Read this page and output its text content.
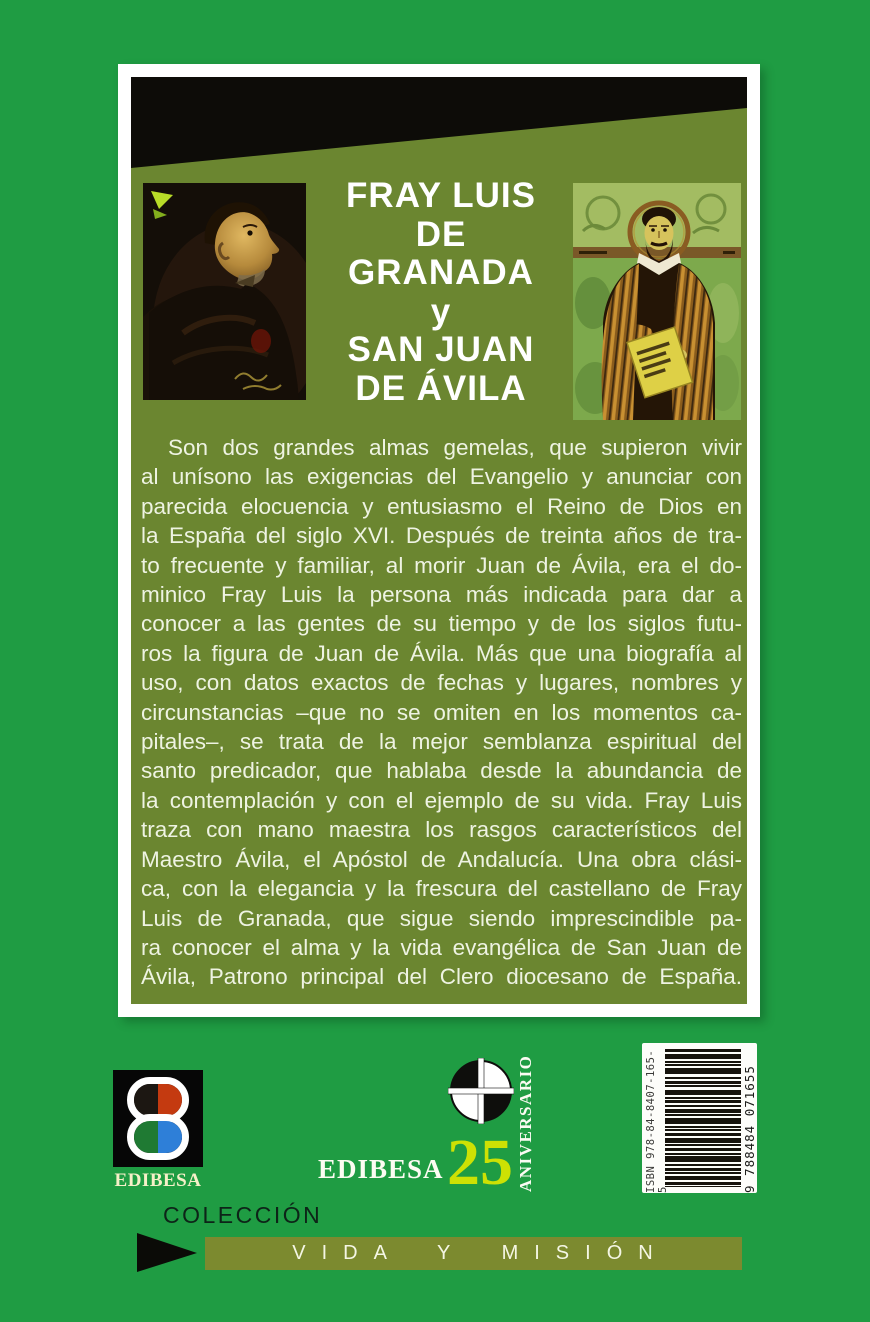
FRAY LUIS
DE
GRANADA
y
SAN JUAN
DE ÁVILA
Son dos grandes almas gemelas, que supieron vivir
al unísono las exigencias del Evangelio y anunciar con
parecida elocuencia y entusiasmo el Reino de Dios en
la España del siglo XVI. Después de treinta años de tra-
to frecuente y familiar, al morir Juan de Ávila, era el do-
minico Fray Luis la persona más indicada para dar a
conocer a las gentes de su tiempo y de los siglos futu-
ros la figura de Juan de Ávila. Más que una biografía al
uso, con datos exactos de fechas y lugares, nombres y
circunstancias –que no se omiten en los momentos ca-
pitales–, se trata de la mejor semblanza espiritual del
santo predicador, que hablaba desde la abundancia de
la contemplación y con el ejemplo de su vida. Fray Luis
traza con mano maestra los rasgos característicos del
Maestro Ávila, el Apóstol de Andalucía. Una obra clási-
ca, con la elegancia y la frescura del castellano de Fray
Luis de Granada, que sigue siendo imprescindible pa-
ra conocer el alma y la vida evangélica de San Juan de
Ávila, Patrono principal del Clero diocesano de España.
EDIBESA	EDIBESA 25 ANIVERSARIO	ISBN 978-84-8407-165-5	9 788484 071655
COLECCIÓN
VIDA Y MISIÓN
